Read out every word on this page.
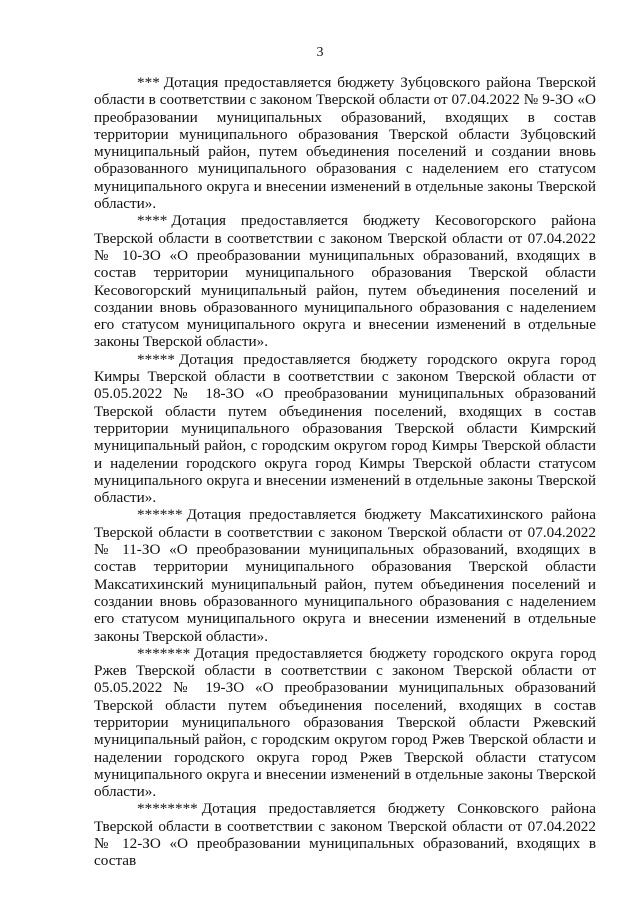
3

*** Дотация предоставляется бюджету Зубцовского района Тверской области в соответствии с законом Тверской области от 07.04.2022 № 9-ЗО «О преобразовании муниципальных образований, входящих в состав территории муниципального образования Тверской области Зубцовский муниципальный район, путем объединения поселений и создании вновь образованного муниципального образования с наделением его статусом муниципального округа и внесении изменений в отдельные законы Тверской области».

**** Дотация предоставляется бюджету Кесовогорского района Тверской области в соответствии с законом Тверской области от 07.04.2022 № 10-ЗО «О преобразовании муниципальных образований, входящих в состав территории муниципального образования Тверской области Кесовогорский муниципальный район, путем объединения поселений и создании вновь образованного муниципального образования с наделением его статусом муниципального округа и внесении изменений в отдельные законы Тверской области».

***** Дотация предоставляется бюджету городского округа город Кимры Тверской области в соответствии с законом Тверской области от 05.05.2022 № 18-ЗО «О преобразовании муниципальных образований Тверской области путем объединения поселений, входящих в состав территории муниципального образования Тверской области Кимрский муниципальный район, с городским округом город Кимры Тверской области и наделении городского округа город Кимры Тверской области статусом муниципального округа и внесении изменений в отдельные законы Тверской области».

****** Дотация предоставляется бюджету Максатихинского района Тверской области в соответствии с законом Тверской области от 07.04.2022 № 11-ЗО «О преобразовании муниципальных образований, входящих в состав территории муниципального образования Тверской области Максатихинский муниципальный район, путем объединения поселений и создании вновь образованного муниципального образования с наделением его статусом муниципального округа и внесении изменений в отдельные законы Тверской области».

******* Дотация предоставляется бюджету городского округа город Ржев Тверской области в соответствии с законом Тверской области от 05.05.2022 № 19-ЗО «О преобразовании муниципальных образований Тверской области путем объединения поселений, входящих в состав территории муниципального образования Тверской области Ржевский муниципальный район, с городским округом город Ржев Тверской области и наделении городского округа город Ржев Тверской области статусом муниципального округа и внесении изменений в отдельные законы Тверской области».

******** Дотация предоставляется бюджету Сонковского района Тверской области в соответствии с законом Тверской области от 07.04.2022 № 12-ЗО «О преобразовании муниципальных образований, входящих в состав
